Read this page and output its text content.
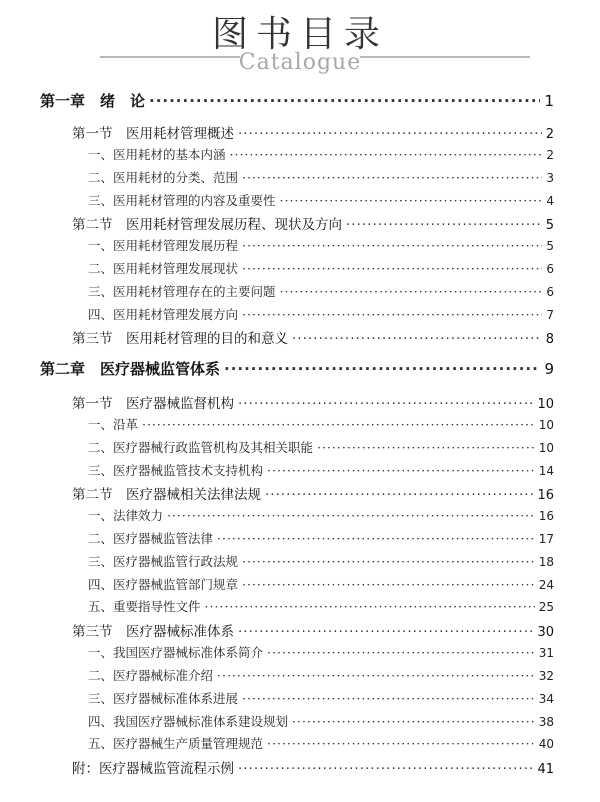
图书目录
Catalogue
第一章　绪　论 ·····	1
第一节　医用耗材管理概述 ·····	2
一、医用耗材的基本内涵 ·····	2
二、医用耗材的分类、范围 ·····	3
三、医用耗材管理的内容及重要性 ·····	4
第二节　医用耗材管理发展历程、现状及方向 ·····	5
一、医用耗材管理发展历程 ·····	5
二、医用耗材管理发展现状 ·····	6
三、医用耗材管理存在的主要问题 ·····	6
四、医用耗材管理发展方向 ·····	7
第三节　医用耗材管理的目的和意义 ·····	8
第二章　医疗器械监管体系 ·····	9
第一节　医疗器械监督机构 ·····	10
一、沿革 ·····	10
二、医疗器械行政监管机构及其相关职能 ·····	10
三、医疗器械监管技术支持机构 ·····	14
第二节　医疗器械相关法律法规 ·····	16
一、法律效力 ·····	16
二、医疗器械监管法律 ·····	17
三、医疗器械监管行政法规 ·····	18
四、医疗器械监管部门规章 ·····	24
五、重要指导性文件 ·····	25
第三节　医疗器械标准体系 ·····	30
一、我国医疗器械标准体系简介 ·····	31
二、医疗器械标准介绍 ·····	32
三、医疗器械标准体系进展 ·····	34
四、我国医疗器械标准体系建设规划 ·····	38
五、医疗器械生产质量管理规范 ·····	40
附：医疗器械监管流程示例 ·····	41
